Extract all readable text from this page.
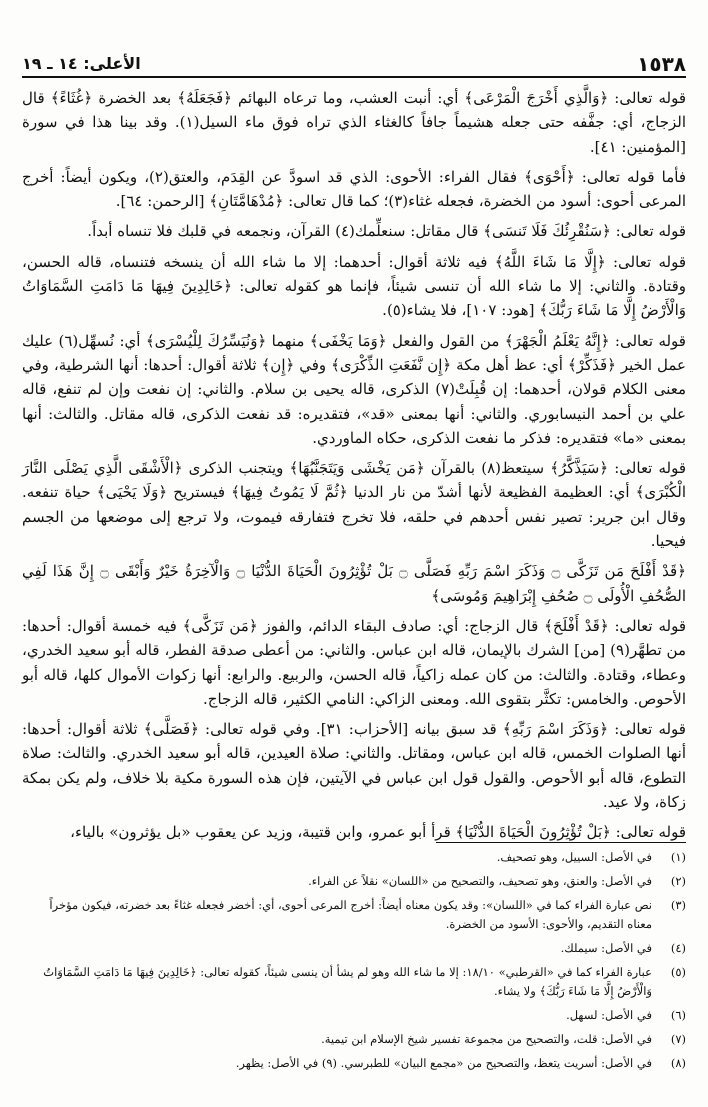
١٥٣٨
الأعلى: ١٤ ـ ١٩

قوله تعالى: ﴿وَالَّذِي أَخْرَجَ الْمَرْعَى﴾ أي: أنبت العشب، وما ترعاه البهائم ﴿فَجَعَلَهُ﴾ بعد الخضرة ﴿غُثَاءً﴾ قال الزجاج، أي: جفَّفه حتى جعله هشيماً جافاً كالغثاء الذي تراه فوق ماء السيل(١). وقد بينا هذا في سورة [المؤمنين: ٤١].

فأما قوله تعالى: ﴿أَحْوَى﴾ فقال الفراء: الأحوى: الذي قد اسودَّ عن القِدَم، والعتق(٢)، ويكون أيضاً: أخرج المرعى أحوى: أسود من الخضرة، فجعله غثاء(٣)؛ كما قال تعالى: ﴿مُدْهَامَّتَانِ﴾ [الرحمن: ٦٤].

قوله تعالى: ﴿سَنُقْرِئُكَ فَلَا تَنسَى﴾ قال مقاتل: سنعلِّمك(٤) القرآن، ونجمعه في قلبك فلا تنساه أبداً.

قوله تعالى: ﴿إِلَّا مَا شَاءَ اللَّهُ﴾ فيه ثلاثة أقوال: أحدهما: إلا ما شاء الله أن ينسخه فتنساه، قاله الحسن، وقتادة. والثاني: إلا ما شاء الله أن تنسى شيئاً، فإنما هو كقوله تعالى: ﴿خَالِدِينَ فِيهَا مَا دَامَتِ السَّمَاوَاتُ وَالْأَرْضُ إِلَّا مَا شَاءَ رَبُّكَ﴾ [هود: ١٠٧]، فلا يشاء(٥).

قوله تعالى: ﴿إِنَّهُ يَعْلَمُ الْجَهْرَ﴾ من القول والفعل ﴿وَمَا يَخْفَى﴾ منهما ﴿وَنُيَسِّرُكَ لِلْيُسْرَى﴾ أي: نُسهِّل(٦) عليك عمل الخير ﴿فَذَكِّرْ﴾ أي: عظ أهل مكة ﴿إِن نَّفَعَتِ الذِّكْرَى﴾ وفي ﴿إِن﴾ ثلاثة أقوال: أحدها: أنها الشرطية، وفي معنى الكلام قولان، أحدهما: إن قُبِلَتْ(٧) الذكرى، قاله يحيى بن سلام. والثاني: إن نفعت وإن لم تنفع، قاله علي بن أحمد النيسابوري. والثاني: أنها بمعنى «قد»، فتقديره: قد نفعت الذكرى، قاله مقاتل. والثالث: أنها بمعنى «ما» فتقديره: فذكر ما نفعت الذكرى، حكاه الماوردي.

قوله تعالى: ﴿سَيَذَّكَّرُ﴾ سيتعظ(٨) بالقرآن ﴿مَن يَخْشَى وَيَتَجَنَّبُهَا﴾ ويتجنب الذكرى ﴿الْأَشْقَى الَّذِي يَصْلَى النَّارَ الْكُبْرَى﴾ أي: العظيمة الفظيعة لأنها أشدّ من نار الدنيا ﴿ثُمَّ لَا يَمُوتُ فِيهَا﴾ فيستريح ﴿وَلَا يَحْيَى﴾ حياة تنفعه. وقال ابن جرير: تصير نفس أحدهم في حلقه، فلا تخرج فتفارقه فيموت، ولا ترجع إلى موضعها من الجسم فيحيا.

﴿قَدْ أَفْلَحَ مَن تَزَكَّى ۝ وَذَكَرَ اسْمَ رَبِّهِ فَصَلَّى ۝ بَلْ تُؤْثِرُونَ الْحَيَاةَ الدُّنْيَا ۝ وَالْآخِرَةُ خَيْرٌ وَأَبْقَى ۝ إِنَّ هَذَا لَفِي الصُّحُفِ الْأُولَى ۝ صُحُفِ إِبْرَاهِيمَ وَمُوسَى﴾

قوله تعالى: ﴿قَدْ أَفْلَحَ﴾ قال الزجاج: أي: صادف البقاء الدائم، والفوز ﴿مَن تَزَكَّى﴾ فيه خمسة أقوال: أحدها: من تطهَّر(٩) [من] الشرك بالإيمان، قاله ابن عباس. والثاني: من أعطى صدقة الفطر، قاله أبو سعيد الخدري، وعطاء، وقتادة. والثالث: من كان عمله زاكياً، قاله الحسن، والربيع. والرابع: أنها زكوات الأموال كلها، قاله أبو الأحوص. والخامس: تكثَّر بتقوى الله. ومعنى الزاكي: النامي الكثير، قاله الزجاج.

قوله تعالى: ﴿وَذَكَرَ اسْمَ رَبِّهِ﴾ قد سبق بيانه [الأحزاب: ٣١]. وفي قوله تعالى: ﴿فَصَلَّى﴾ ثلاثة أقوال: أحدها: أنها الصلوات الخمس، قاله ابن عباس، ومقاتل. والثاني: صلاة العيدين، قاله أبو سعيد الخدري. والثالث: صلاة التطوع، قاله أبو الأحوص. والقول قول ابن عباس في الآيتين، فإن هذه السورة مكية بلا خلاف، ولم يكن بمكة زكاة، ولا عيد.

قوله تعالى: ﴿بَلْ تُؤْثِرُونَ الْحَيَاةَ الدُّنْيَا﴾ قرأ أبو عمرو، وابن قتيبة، وزيد عن يعقوب «بل يؤثرون» بالياء،

(١)
في الأصل: السييل، وهو تصحيف.
(٢)
في الأصل: والعنق، وهو تصحيف، والتصحيح من «اللسان» نقلاً عن الفراء.
(٣)
نص عبارة الفراء كما في «اللسان»: وقد يكون معناه أيضاً: أخرج المرعى أحوى، أي: أخضر فجعله غثاءً بعد خضرته، فيكون مؤخراً معناه التقديم، والأحوى: الأسود من الخضرة.
(٤)
في الأصل: سيملك.
(٥)
عبارة الفراء كما في «القرطبي» ١٨/١٠: إلا ما شاء الله وهو لم يشأ أن ينسى شيئاً، كقوله تعالى: ﴿خَالِدِينَ فِيهَا مَا دَامَتِ السَّمَاوَاتُ وَالْأَرْضُ إِلَّا مَا شَاءَ رَبُّكَ﴾ ولا يشاء.
(٦)
في الأصل: لسهل.
(٧)
في الأصل: قلت، والتصحيح من مجموعة تفسير شيخ الإسلام ابن تيمية.
(٨)
في الأصل: أسريت يتعظ، والتصحيح من «مجمع البيان» للطبرسي. (٩) في الأصل: يظهر.
